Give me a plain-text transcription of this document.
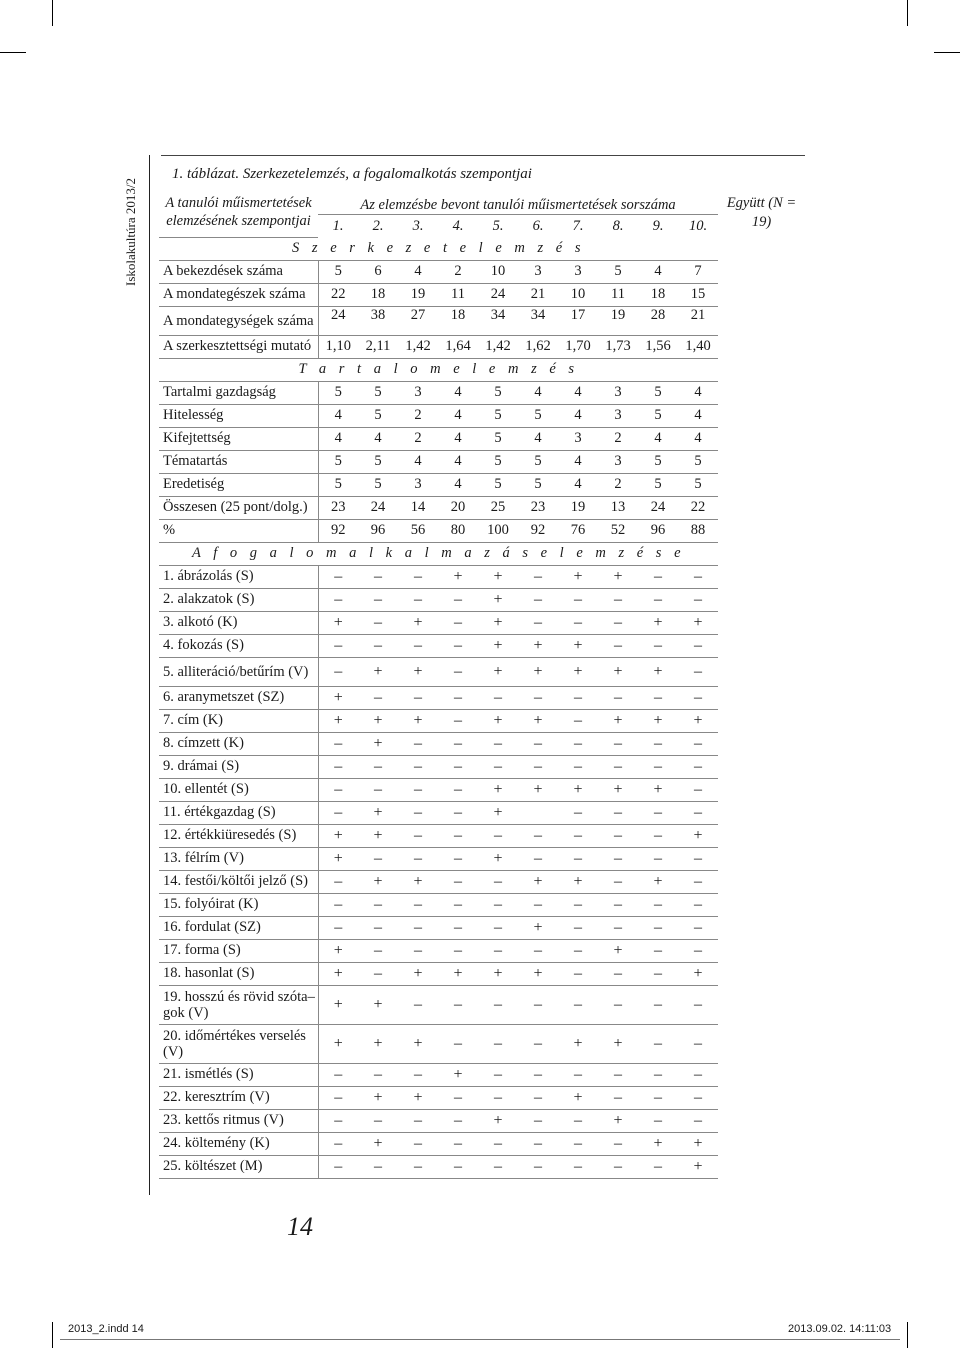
Iskolakultúra 2013/2
1. táblázat. Szerkezetelemzés, a fogalomalkotás szempontjai
A tanulói műismertetések elemzésének szempontjai	Az elemzésbe bevont tanulói műismertetések sorszáma										Együtt (N = 19)
	1.	2.	3.	4.	5.	6.	7.	8.	9.	10.	
S z e r k e z e t e l e m z é s											
A bekezdések száma	5	6	4	2	10	3	3	5	4	7	
A mondategészek száma	22	18	19	11	24	21	10	11	18	15	
A mondategységek száma	24	38	27	18	34	34	17	19	28	21	
A szerkesztettségi mutató	1,10	2,11	1,42	1,64	1,42	1,62	1,70	1,73	1,56	1,40	
T a r t a l o m e l e m z é s											
Tartalmi gazdagság	5	5	3	4	5	4	4	3	5	4	
Hitelesség	4	5	2	4	5	5	4	3	5	4	
Kifejtettség	4	4	2	4	5	4	3	2	4	4	
Tématartás	5	5	4	4	5	5	4	3	5	5	
Eredetiség	5	5	3	4	5	5	4	2	5	5	
Összesen (25 pont/dolg.)	23	24	14	20	25	23	19	13	24	22	
%	92	96	56	80	100	92	76	52	96	88	
A f o g a l o m a l k a l m a z á s e l e m z é s e											
1. ábrázolás (S)	–	–	–	+	+	–	+	+	–	–	
2. alakzatok (S)	–	–	–	–	+	–	–	–	–	–	
3. alkotó (K)	+	–	+	–	+	–	–	–	+	+	
4. fokozás (S)	–	–	–	–	+	+	+	–	–	–	
5. alliteráció/betűrím (V)	–	+	+	–	+	+	+	+	+	–	
6. aranymetszet (SZ)	+	–	–	–	–	–	–	–	–	–	
7. cím (K)	+	+	+	–	+	+	–	+	+	+	
8. címzett (K)	–	+	–	–	–	–	–	–	–	–	
9. drámai (S)	–	–	–	–	–	–	–	–	–	–	
10. ellentét (S)	–	–	–	–	+	+	+	+	+	–	
11. értékgazdag (S)	–	+	–	–	+		–	–	–	–	
12. értékkiüresedés (S)	+	+	–	–	–	–	–	–	–	+	
13. félrím (V)	+	–	–	–	+	–	–	–	–	–	
14. festői/költői jelző (S)	–	+	+	–	–	+	+	–	+	–	
15. folyóirat (K)	–	–	–	–	–	–	–	–	–	–	
16. fordulat (SZ)	–	–	–	–	–	+	–	–	–	–	
17. forma (S)	+	–	–	–	–	–	–	+	–	–	
18. hasonlat (S)	+	–	+	+	+	+	–	–	–	+	
19. hosszú és rövid szóta–gok (V)	+	+	–	–	–	–	–	–	–	–	
20. időmértékes verselés (V)	+	+	+	–	–	–	+	+	–	–	
21. ismétlés (S)	–	–	–	+	–	–	–	–	–	–	
22. keresztrím (V)	–	+	+	–	–	–	+	–	–	–	
23. kettős ritmus (V)	–	–	–	–	+	–	–	+	–	–	
24. költemény (K)	–	+	–	–	–	–	–	–	+	+	
25. költészet (M)	–	–	–	–	–	–	–	–	–	+	
14
2013_2.indd 14	2013.09.02. 14:11:03
